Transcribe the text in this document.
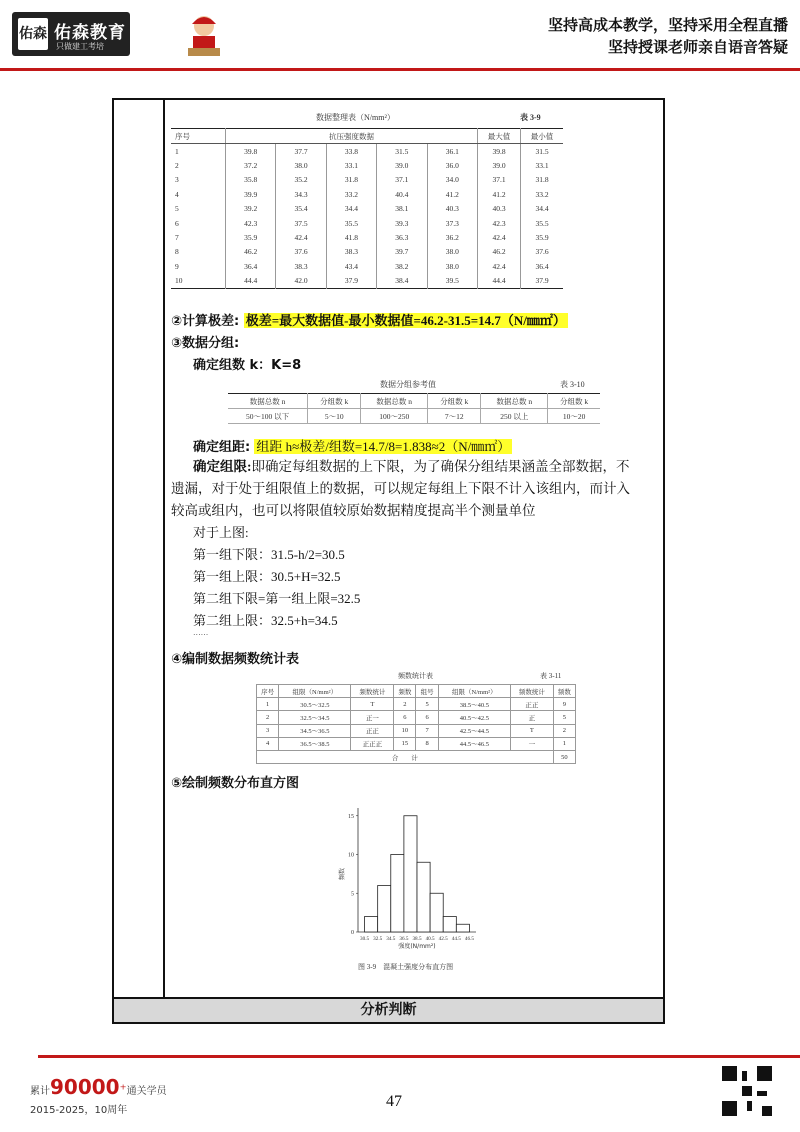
佑森 佑森教育
只做建工考培
坚持高成本教学，坚持采用全程直播
坚持授课老师亲自语音答疑
分析判断
数据整理表（N/mm²）	表 3-9
序号	抗压强度数据					最大值	最小值
1	39.8	37.7	33.8	31.5	36.1	39.8	31.5
2	37.2	38.0	33.1	39.0	36.0	39.0	33.1
3	35.8	35.2	31.8	37.1	34.0	37.1	31.8
4	39.9	34.3	33.2	40.4	41.2	41.2	33.2
5	39.2	35.4	34.4	38.1	40.3	40.3	34.4
6	42.3	37.5	35.5	39.3	37.3	42.3	35.5
7	35.9	42.4	41.8	36.3	36.2	42.4	35.9
8	46.2	37.6	38.3	39.7	38.0	46.2	37.6
9	36.4	38.3	43.4	38.2	38.0	42.4	36.4
10	44.4	42.0	37.9	38.4	39.5	44.4	37.9
②计算极差: 极差=最大数据值-最小数据值=46.2-31.5=14.7（N/㎜㎡）
③数据分组:
确定组数 k：K=8
数据分组参考值	表 3-10
数据总数 n	分组数 k	数据总数 n	分组数 k	数据总数 n	分组数 k
50～100 以下	5～10	100～250	7～12	250 以上	10～20
确定组距: 组距 h≈极差/组数=14.7/8=1.838≈2（N/㎜㎡）
确定组限:即确定每组数据的上下限，为了确保分组结果涵盖全部数据，不
遗漏，对于处于组限值上的数据，可以规定每组上下限不计入该组内，而计入
较高或组内，也可以将限值较原始数据精度提高半个测量单位
对于上图:
第一组下限：31.5-h/2=30.5
第一组上限：30.5+H=32.5
第二组下限=第一组上限=32.5
第二组上限：32.5+h=34.5
......
④编制数据频数统计表
频数统计表	表 3-11
序号	组限（N/mm²）	频数统计	频数	组号	组限（N/mm²）	频数统计	频数
1	30.5～32.5	T	2	5	38.5～40.5	正正	9
2	32.5～34.5	正一	6	6	40.5～42.5	正	5
3	34.5～36.5	正正	10	7	42.5～44.5	T	2
4	36.5～38.5	正正正	15	8	44.5～46.5	一	1
合　　计							50
⑤绘制频数分布直方图
0
5
10
15
30.5 32.5 34.5 36.5 38.5 40.5 42.5 44.5 46.5
频数
强度(N/mm²)
图 3-9　混凝土强度分布直方图
累计90000+通关学员
2015-2025，10周年
47
